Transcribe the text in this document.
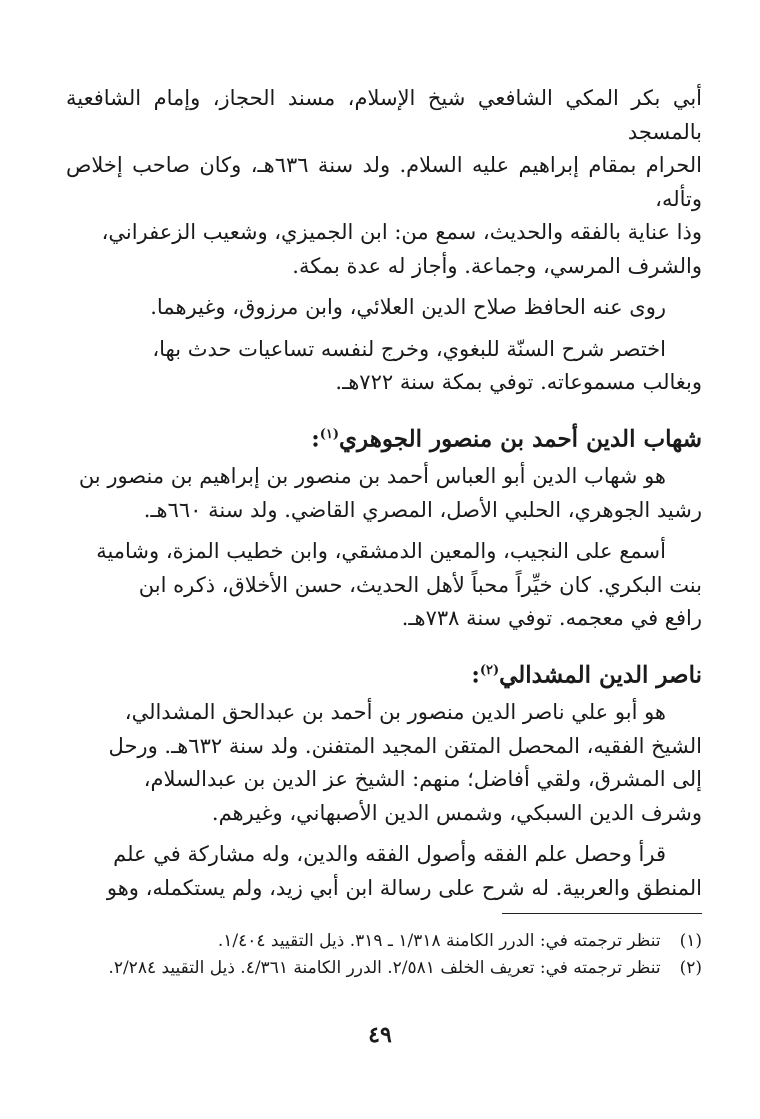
أبي بكر المكي الشافعي شيخ الإسلام، مسند الحجاز، وإمام الشافعية بالمسجد
الحرام بمقام إبراهيم عليه السلام. ولد سنة ٦٣٦هـ، وكان صاحب إخلاص وتأله،
وذا عناية بالفقه والحديث، سمع من: ابن الجميزي، وشعيب الزعفراني،
والشرف المرسي، وجماعة. وأجاز له عدة بمكة.

روى عنه الحافظ صلاح الدين العلائي، وابن مرزوق، وغيرهما.

اختصر شرح السنّة للبغوي، وخرج لنفسه تساعيات حدث بها،
وبغالب مسموعاته. توفي بمكة سنة ٧٢٢هـ.

شهاب الدين أحمد بن منصور الجوهري$^{(١)}$:

هو شهاب الدين أبو العباس أحمد بن منصور بن إبراهيم بن منصور بن
رشيد الجوهري، الحلبي الأصل، المصري القاضي. ولد سنة ٦٦٠هـ.

أسمع على النجيب، والمعين الدمشقي، وابن خطيب المزة، وشامية
بنت البكري. كان خيِّراً محباً لأهل الحديث، حسن الأخلاق، ذكره ابن
رافع في معجمه. توفي سنة ٧٣٨هـ.

ناصر الدين المشدالي$^{(٢)}$:

هو أبو علي ناصر الدين منصور بن أحمد بن عبدالحق المشدالي،
الشيخ الفقيه، المحصل المتقن المجيد المتفنن. ولد سنة ٦٣٢هـ. ورحل
إلى المشرق، ولقي أفاضل؛ منهم: الشيخ عز الدين بن عبدالسلام،
وشرف الدين السبكي، وشمس الدين الأصبهاني، وغيرهم.

قرأ وحصل علم الفقه وأصول الفقه والدين، وله مشاركة في علم
المنطق والعربية. له شرح على رسالة ابن أبي زيد، ولم يستكمله، وهو

(١) تنظر ترجمته في: الدرر الكامنة ١/٣١٨ ـ ٣١٩. ذيل التقييد ١/٤٠٤.

(٢) تنظر ترجمته في: تعريف الخلف ٢/٥٨١. الدرر الكامنة ٤/٣٦١. ذيل التقييد ٢/٢٨٤.

٤٩
